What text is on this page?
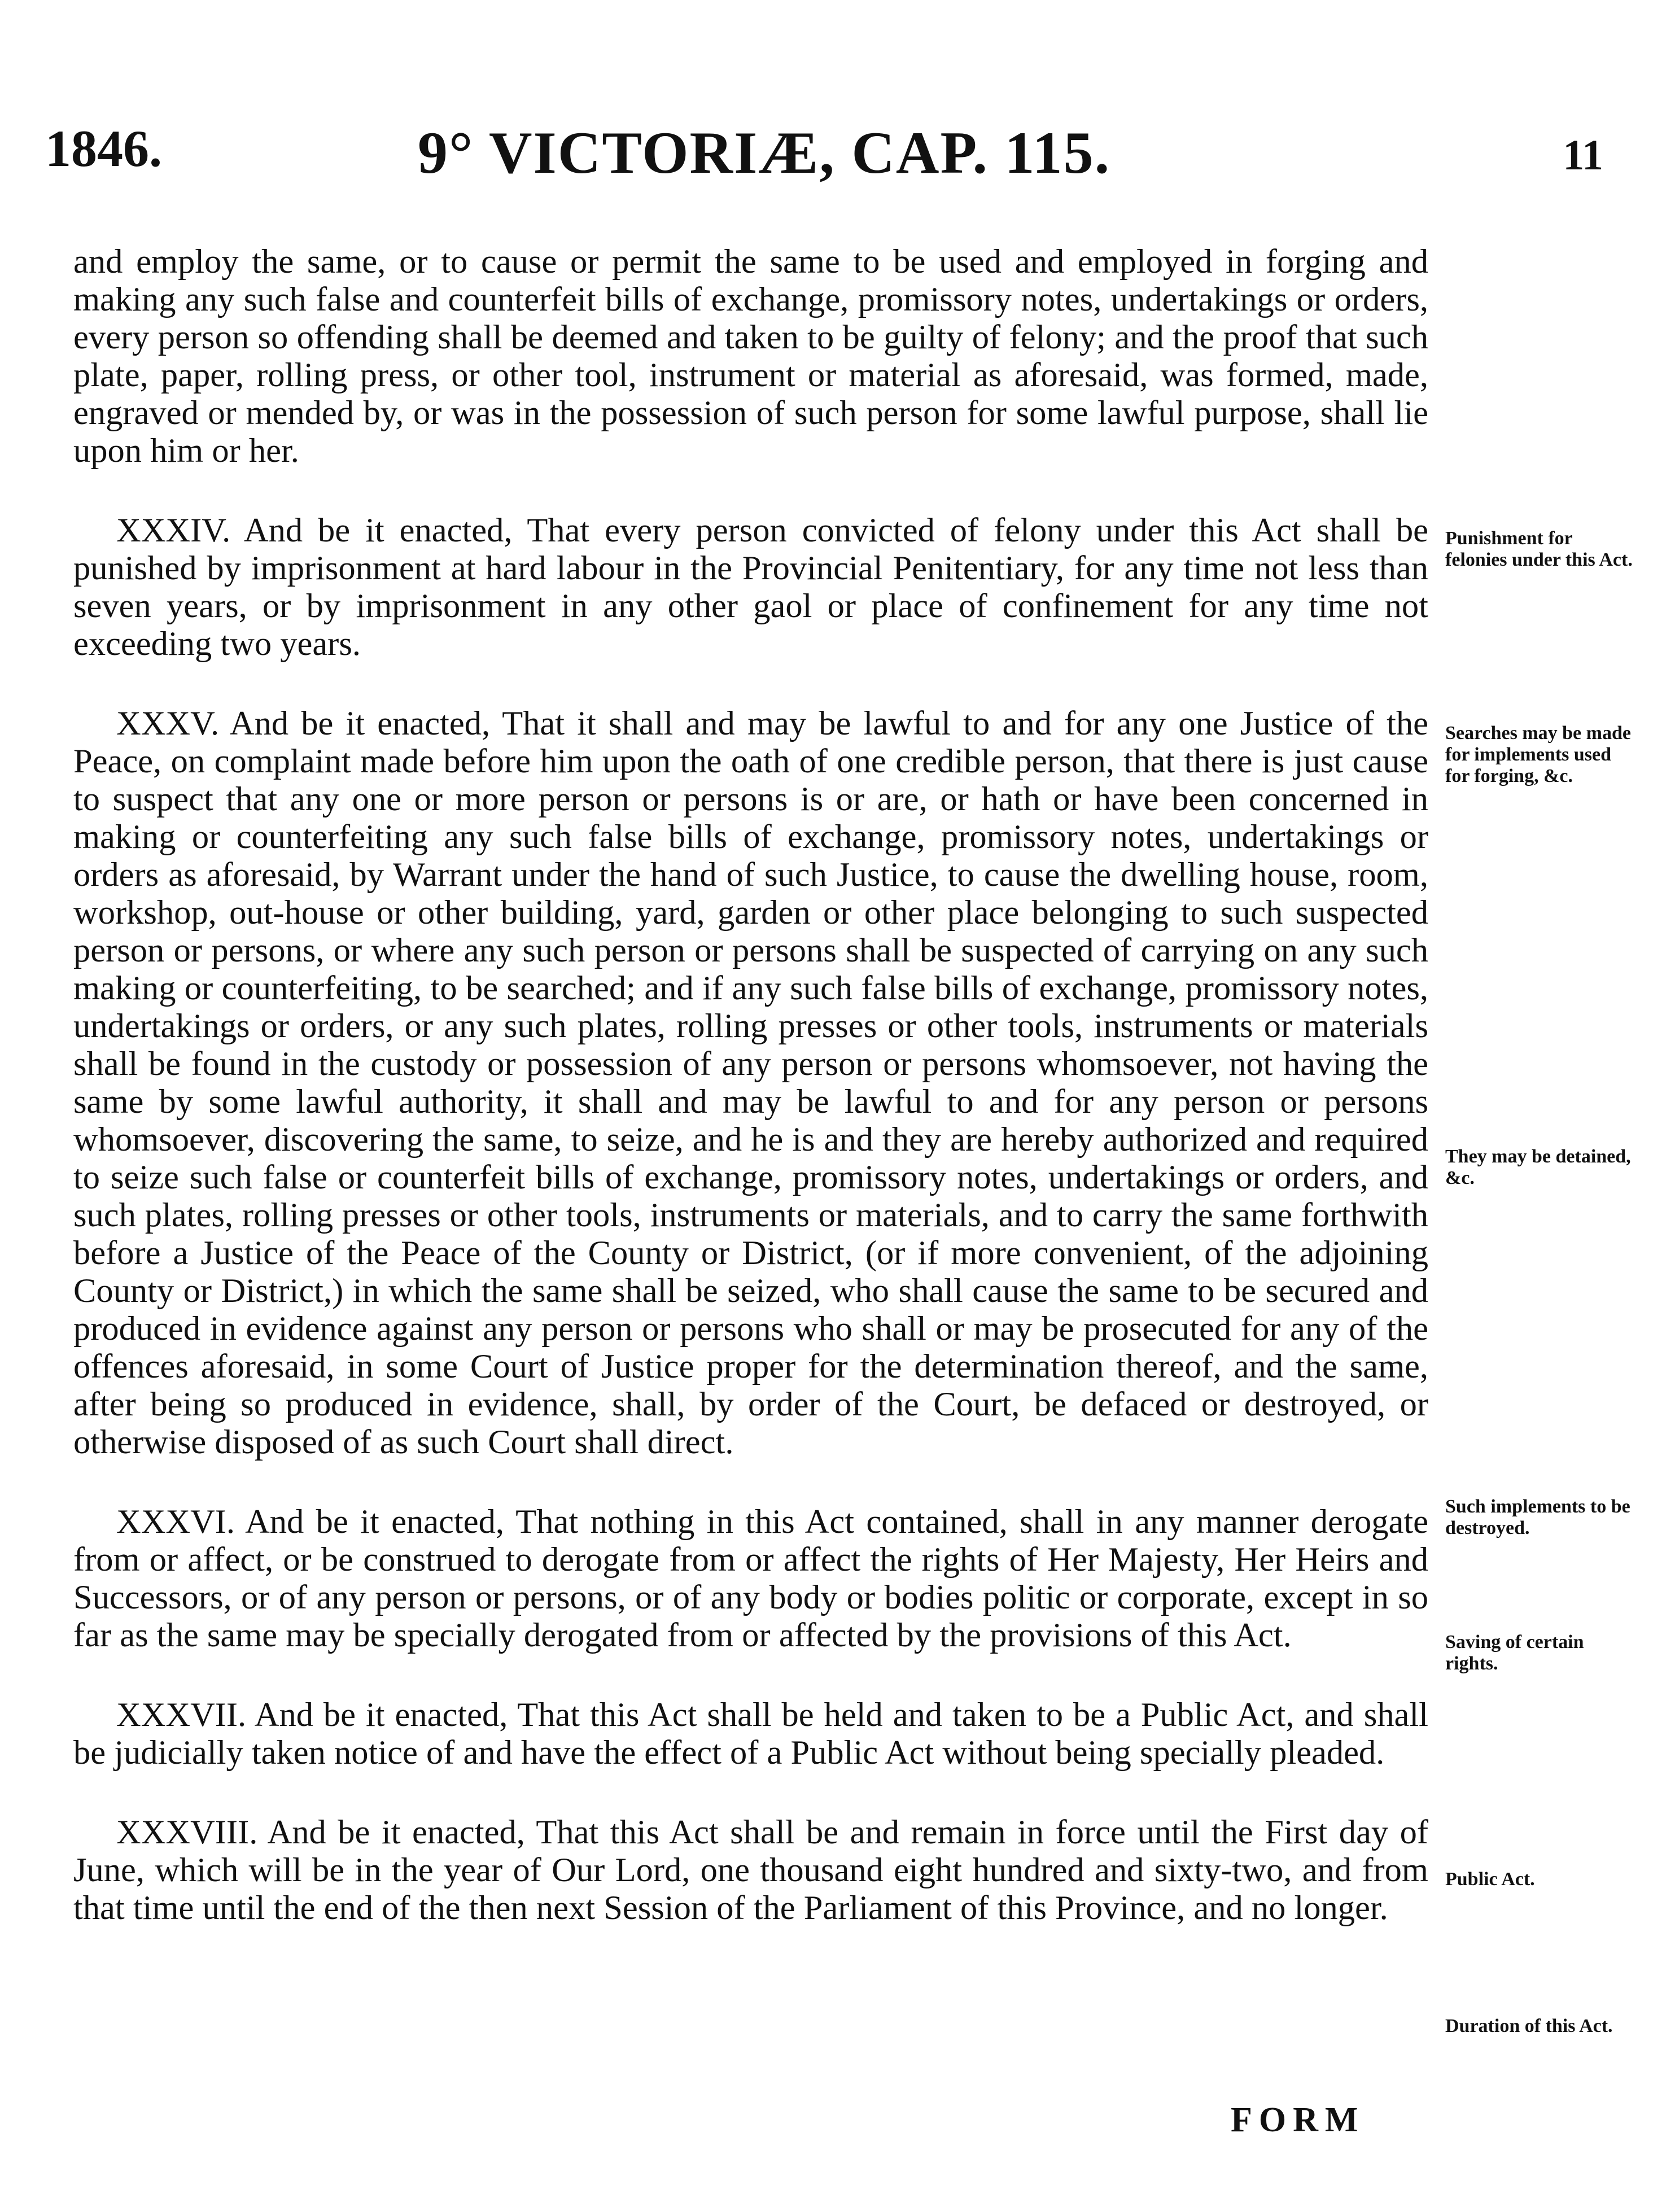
1846.	9° VICTORIÆ, CAP. 115.	11

and employ the same, or to cause or permit the same to be used and employed in forging and making any such false and counterfeit bills of exchange, promissory notes, undertakings or orders, every person so offending shall be deemed and taken to be guilty of felony; and the proof that such plate, paper, rolling press, or other tool, instrument or material as aforesaid, was formed, made, engraved or mended by, or was in the possession of such person for some lawful purpose, shall lie upon him or her.

XXXIV. And be it enacted, That every person convicted of felony under this Act shall be punished by imprisonment at hard labour in the Provincial Penitentiary, for any time not less than seven years, or by imprisonment in any other gaol or place of confinement for any time not exceeding two years.

XXXV. And be it enacted, That it shall and may be lawful to and for any one Justice of the Peace, on complaint made before him upon the oath of one credible person, that there is just cause to suspect that any one or more person or persons is or are, or hath or have been concerned in making or counterfeiting any such false bills of exchange, promissory notes, undertakings or orders as aforesaid, by Warrant under the hand of such Justice, to cause the dwelling house, room, workshop, out-house or other building, yard, garden or other place belonging to such suspected person or persons, or where any such person or persons shall be suspected of carrying on any such making or counterfeiting, to be searched; and if any such false bills of exchange, promissory notes, undertakings or orders, or any such plates, rolling presses or other tools, instruments or materials shall be found in the custody or possession of any person or persons whomsoever, not having the same by some lawful authority, it shall and may be lawful to and for any person or persons whomsoever, discovering the same, to seize, and he is and they are hereby authorized and required to seize such false or counterfeit bills of exchange, promissory notes, undertakings or orders, and such plates, rolling presses or other tools, instruments or materials, and to carry the same forthwith before a Justice of the Peace of the County or District, (or if more convenient, of the adjoining County or District,) in which the same shall be seized, who shall cause the same to be secured and produced in evidence against any person or persons who shall or may be prosecuted for any of the offences aforesaid, in some Court of Justice proper for the determination thereof, and the same, after being so produced in evidence, shall, by order of the Court, be defaced or destroyed, or otherwise disposed of as such Court shall direct.

XXXVI. And be it enacted, That nothing in this Act contained, shall in any manner derogate from or affect, or be construed to derogate from or affect the rights of Her Majesty, Her Heirs and Successors, or of any person or persons, or of any body or bodies politic or corporate, except in so far as the same may be specially derogated from or affected by the provisions of this Act.

XXXVII. And be it enacted, That this Act shall be held and taken to be a Public Act, and shall be judicially taken notice of and have the effect of a Public Act without being specially pleaded.

XXXVIII. And be it enacted, That this Act shall be and remain in force until the First day of June, which will be in the year of Our Lord, one thousand eight hundred and sixty-two, and from that time until the end of the then next Session of the Parliament of this Province, and no longer.

Punishment for felonies under this Act.
Searches may be made for implements used for forging, &c.
They may be detained, &c.
Such implements to be destroyed.
Saving of certain rights.
Public Act.
Duration of this Act.
FORM
